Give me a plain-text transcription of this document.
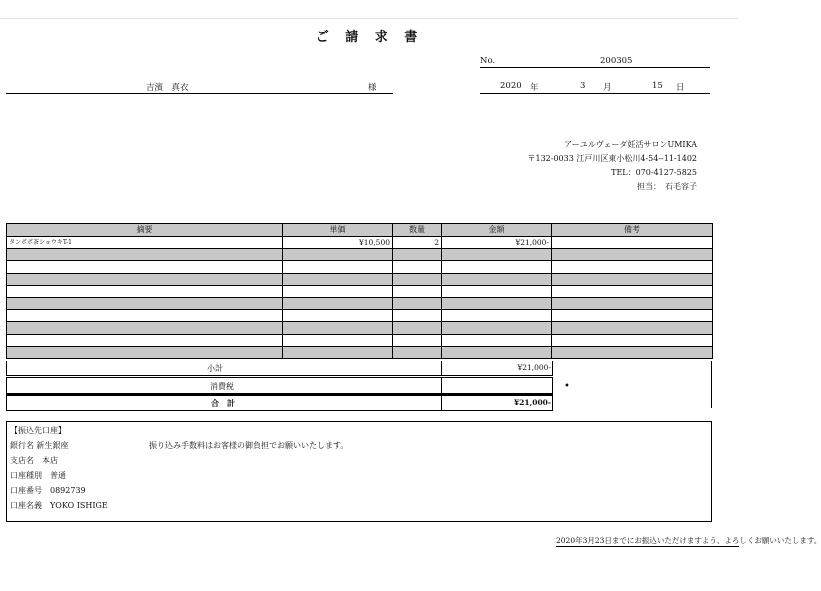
ご 請 求 書
No.	200305
2020 年	3 月	15 日
吉濱　真衣	様
アーユルヴェーダ妊活サロンUMIKA
〒132-0033 江戸川区東小松川4-54--11-1402
TEL：070-4127-5825
担当：　石毛容子
摘要	単価	数量	金額	備考
タンポポ茶ショウキT-1	¥10,500	2	¥21,000-	

小計	¥21,000-
消費税
合　計	¥21,000-
•
【振込先口座】
銀行名 新生銀座
支店名　本店
口座種別　普通
口座番号　0892739
口座名義　YOKO ISHIGE
振り込み手数料はお客様の御負担でお願いいたします。
2020年3月23日までにお振込いただけますよう、よろしくお願いいたします。
